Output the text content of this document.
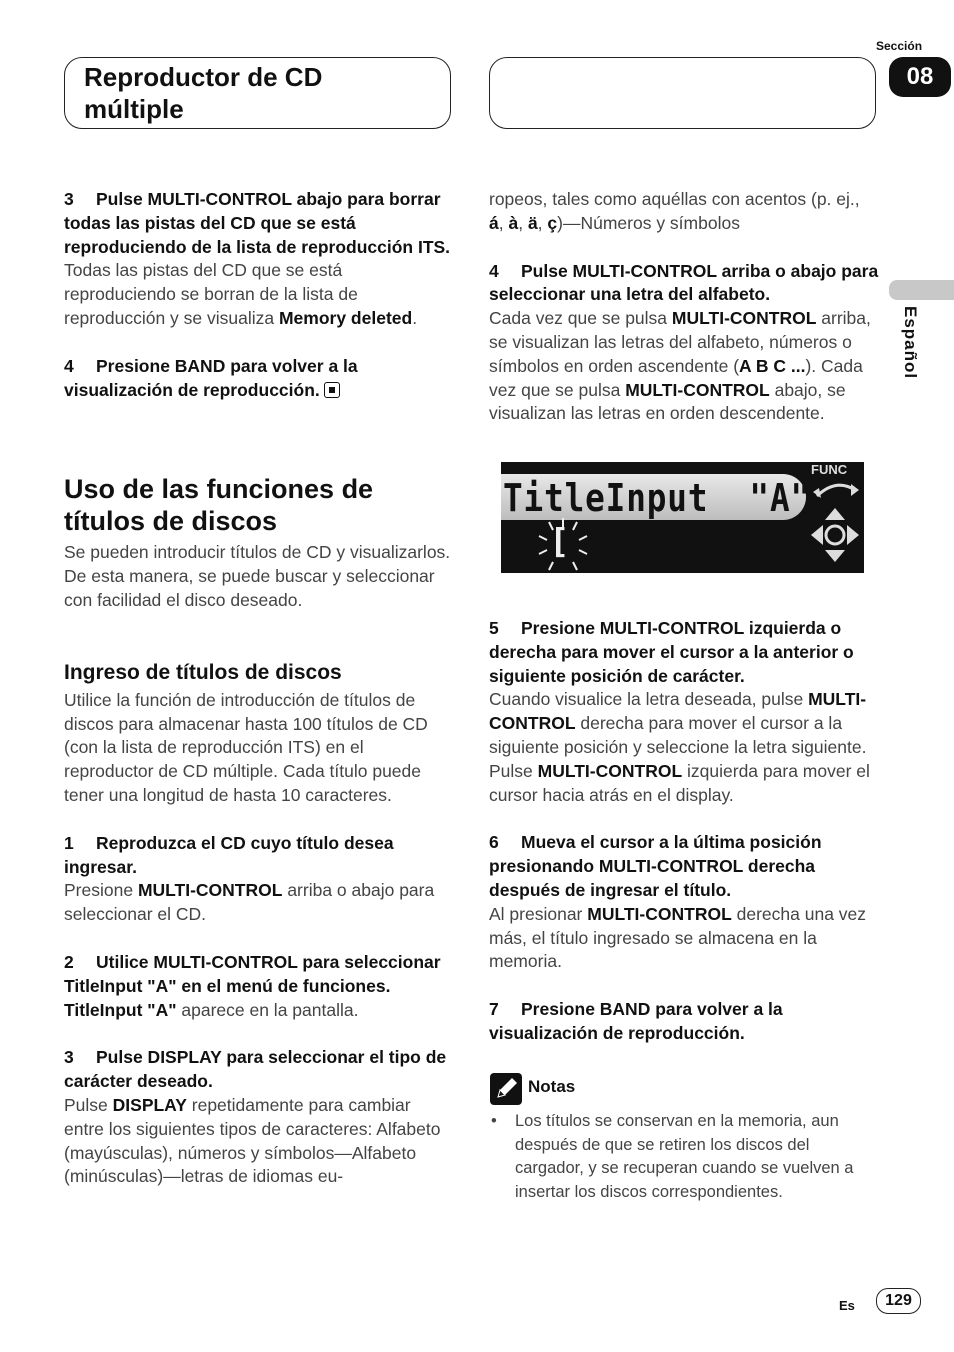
Reproductor de CD múltiple
Sección
08
Español

3 Pulse MULTI-CONTROL abajo para borrar todas las pistas del CD que se está reproduciendo de la lista de reproducción ITS.

Todas las pistas del CD que se está reproduciendo se borran de la lista de reproducción y se visualiza Memory deleted.

4 Presione BAND para volver a la visualización de reproducción.

Uso de las funciones de títulos de discos

Se pueden introducir títulos de CD y visualizarlos. De esta manera, se puede buscar y seleccionar con facilidad el disco deseado.

Ingreso de títulos de discos

Utilice la función de introducción de títulos de discos para almacenar hasta 100 títulos de CD (con la lista de reproducción ITS) en el reproductor de CD múltiple. Cada título puede tener una longitud de hasta 10 caracteres.

1 Reproduzca el CD cuyo título desea ingresar.

Presione MULTI-CONTROL arriba o abajo para seleccionar el CD.

2 Utilice MULTI-CONTROL para seleccionar TitleInput "A" en el menú de funciones.

TitleInput "A" aparece en la pantalla.

3 Pulse DISPLAY para seleccionar el tipo de carácter deseado.

Pulse DISPLAY repetidamente para cambiar entre los siguientes tipos de caracteres: Alfabeto (mayúsculas), números y símbolos—Alfabeto (minúsculas)—letras de idiomas eu-

ropeos, tales como aquéllas con acentos (p. ej., á, à, ä, ç)—Números y símbolos

4 Pulse MULTI-CONTROL arriba o abajo para seleccionar una letra del alfabeto.

Cada vez que se pulsa MULTI-CONTROL arriba, se visualizan las letras del alfabeto, números o símbolos en orden ascendente (A B C ...). Cada vez que se pulsa MULTI-CONTROL abajo, se visualizan las letras en orden descendente.

TitleInput  "A"
FUNC
[

5 Presione MULTI-CONTROL izquierda o derecha para mover el cursor a la anterior o siguiente posición de carácter.

Cuando visualice la letra deseada, pulse MULTI-CONTROL derecha para mover el cursor a la siguiente posición y seleccione la letra siguiente. Pulse MULTI-CONTROL izquierda para mover el cursor hacia atrás en el display.

6 Mueva el cursor a la última posición presionando MULTI-CONTROL derecha después de ingresar el título.

Al presionar MULTI-CONTROL derecha una vez más, el título ingresado se almacena en la memoria.

7 Presione BAND para volver a la visualización de reproducción.

Notas
• Los títulos se conservan en la memoria, aun después de que se retiren los discos del cargador, y se recuperan cuando se vuelven a insertar los discos correspondientes.
Es	129
